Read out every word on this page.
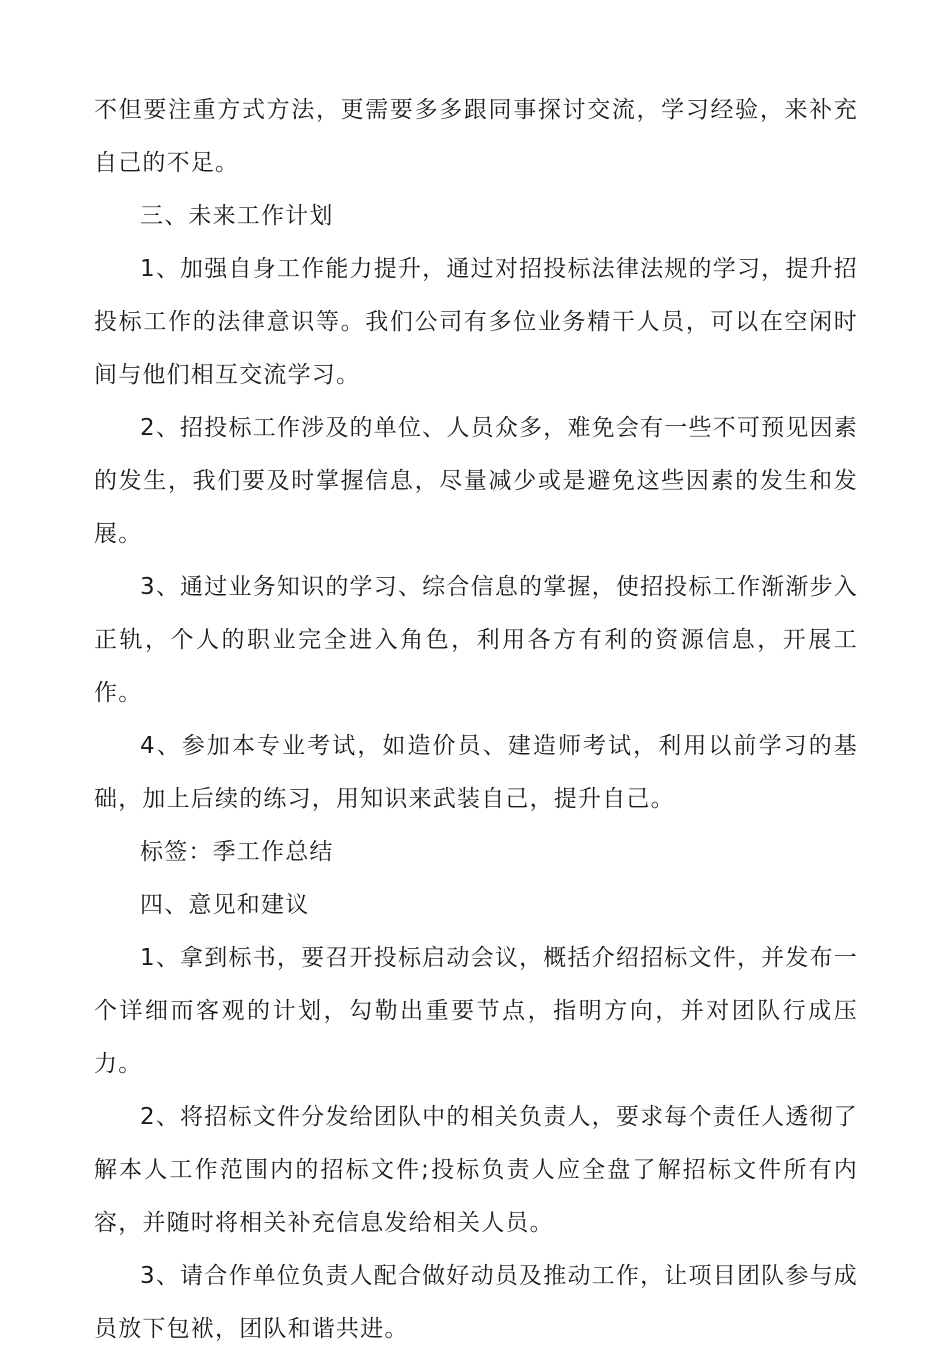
不但要注重方式方法，更需要多多跟同事探讨交流，学习经验，来补充自己的不足。

三、未来工作计划

1、加强自身工作能力提升，通过对招投标法律法规的学习，提升招投标工作的法律意识等。我们公司有多位业务精干人员，可以在空闲时间与他们相互交流学习。

2、招投标工作涉及的单位、人员众多，难免会有一些不可预见因素的发生，我们要及时掌握信息，尽量减少或是避免这些因素的发生和发展。

3、通过业务知识的学习、综合信息的掌握，使招投标工作渐渐步入正轨，个人的职业完全进入角色，利用各方有利的资源信息，开展工作。

4、参加本专业考试，如造价员、建造师考试，利用以前学习的基础，加上后续的练习，用知识来武装自己，提升自己。

标签：季工作总结

四、意见和建议

1、拿到标书，要召开投标启动会议，概括介绍招标文件，并发布一个详细而客观的计划，勾勒出重要节点，指明方向，并对团队行成压力。

2、将招标文件分发给团队中的相关负责人，要求每个责任人透彻了解本人工作范围内的招标文件;投标负责人应全盘了解招标文件所有内容，并随时将相关补充信息发给相关人员。

3、请合作单位负责人配合做好动员及推动工作，让项目团队参与成员放下包袱，团队和谐共进。
